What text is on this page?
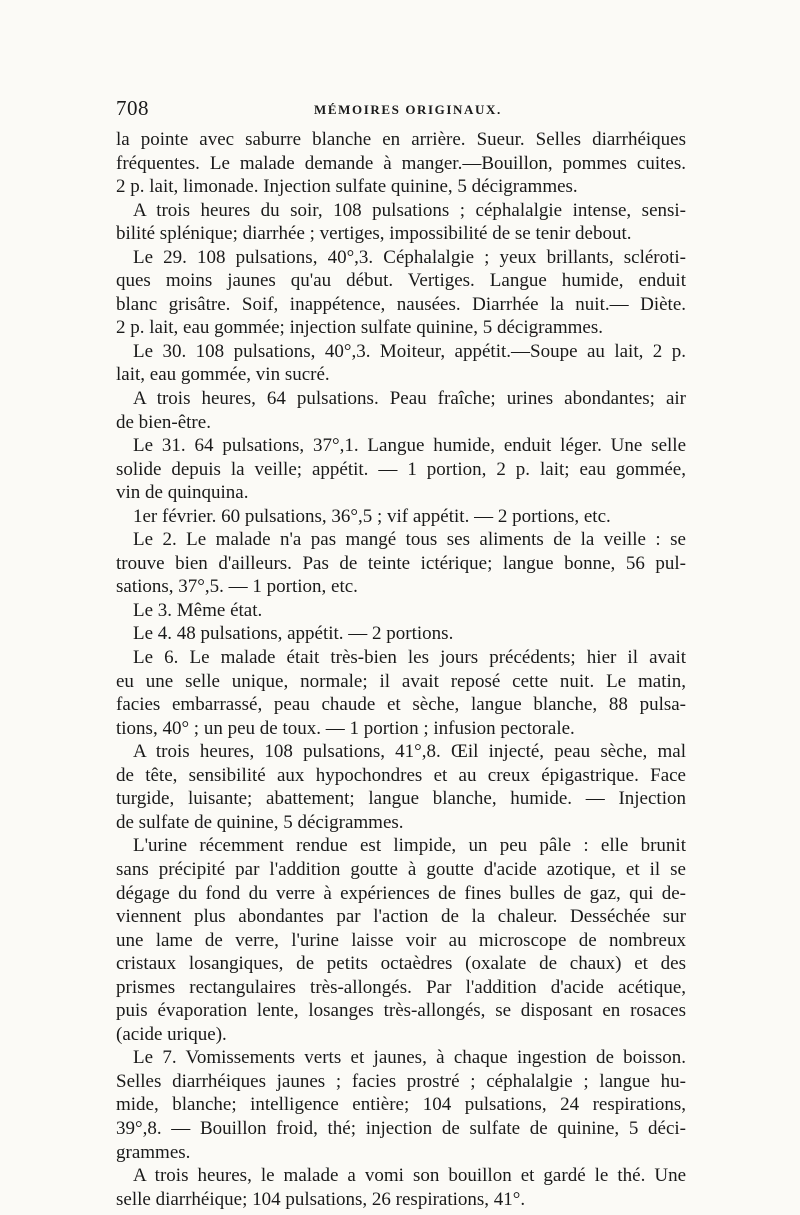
708	MÉMOIRES ORIGINAUX.
la pointe avec saburre blanche en arrière. Sueur. Selles diarrhéiques
fréquentes. Le malade demande à manger.—Bouillon, pommes cuites.
2 p. lait, limonade. Injection sulfate quinine, 5 décigrammes.
A trois heures du soir, 108 pulsations ; céphalalgie intense, sensi-
bilité splénique; diarrhée ; vertiges, impossibilité de se tenir debout.
Le 29. 108 pulsations, 40°,3. Céphalalgie ; yeux brillants, scléroti-
ques moins jaunes qu'au début. Vertiges. Langue humide, enduit
blanc grisâtre. Soif, inappétence, nausées. Diarrhée la nuit.— Diète.
2 p. lait, eau gommée; injection sulfate quinine, 5 décigrammes.
Le 30. 108 pulsations, 40°,3. Moiteur, appétit.—Soupe au lait, 2 p.
lait, eau gommée, vin sucré.
A trois heures, 64 pulsations. Peau fraîche; urines abondantes; air
de bien-être.
Le 31. 64 pulsations, 37°,1. Langue humide, enduit léger. Une selle
solide depuis la veille; appétit. — 1 portion, 2 p. lait; eau gommée,
vin de quinquina.
1er février. 60 pulsations, 36°,5 ; vif appétit. — 2 portions, etc.
Le 2. Le malade n'a pas mangé tous ses aliments de la veille : se
trouve bien d'ailleurs. Pas de teinte ictérique; langue bonne, 56 pul-
sations, 37°,5. — 1 portion, etc.
Le 3. Même état.
Le 4. 48 pulsations, appétit. — 2 portions.
Le 6. Le malade était très-bien les jours précédents; hier il avait
eu une selle unique, normale; il avait reposé cette nuit. Le matin,
facies embarrassé, peau chaude et sèche, langue blanche, 88 pulsa-
tions, 40° ; un peu de toux. — 1 portion ; infusion pectorale.
A trois heures, 108 pulsations, 41°,8. Œil injecté, peau sèche, mal
de tête, sensibilité aux hypochondres et au creux épigastrique. Face
turgide, luisante; abattement; langue blanche, humide. — Injection
de sulfate de quinine, 5 décigrammes.
L'urine récemment rendue est limpide, un peu pâle : elle brunit
sans précipité par l'addition goutte à goutte d'acide azotique, et il se
dégage du fond du verre à expériences de fines bulles de gaz, qui de-
viennent plus abondantes par l'action de la chaleur. Desséchée sur
une lame de verre, l'urine laisse voir au microscope de nombreux
cristaux losangiques, de petits octaèdres (oxalate de chaux) et des
prismes rectangulaires très-allongés. Par l'addition d'acide acétique,
puis évaporation lente, losanges très-allongés, se disposant en rosaces
(acide urique).
Le 7. Vomissements verts et jaunes, à chaque ingestion de boisson.
Selles diarrhéiques jaunes ; facies prostré ; céphalalgie ; langue hu-
mide, blanche; intelligence entière; 104 pulsations, 24 respirations,
39°,8. — Bouillon froid, thé; injection de sulfate de quinine, 5 déci-
grammes.
A trois heures, le malade a vomi son bouillon et gardé le thé. Une
selle diarrhéique; 104 pulsations, 26 respirations, 41°.
